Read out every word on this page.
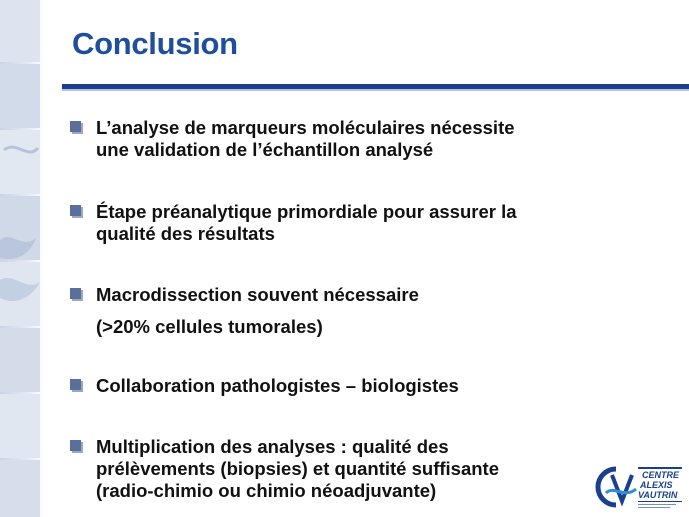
Conclusion
L’analyse de marqueurs moléculaires nécessite
une validation de l’échantillon analysé
Étape préanalytique primordiale pour assurer la
qualité des résultats
Macrodissection souvent nécessaire
Collaboration pathologistes – biologistes
Multiplication des analyses : qualité des
prélèvements (biopsies) et quantité suffisante
(radio-chimio ou chimio néoadjuvante)
(>20% cellules tumorales)
CENTRE
ALEXIS
VAUTRIN
